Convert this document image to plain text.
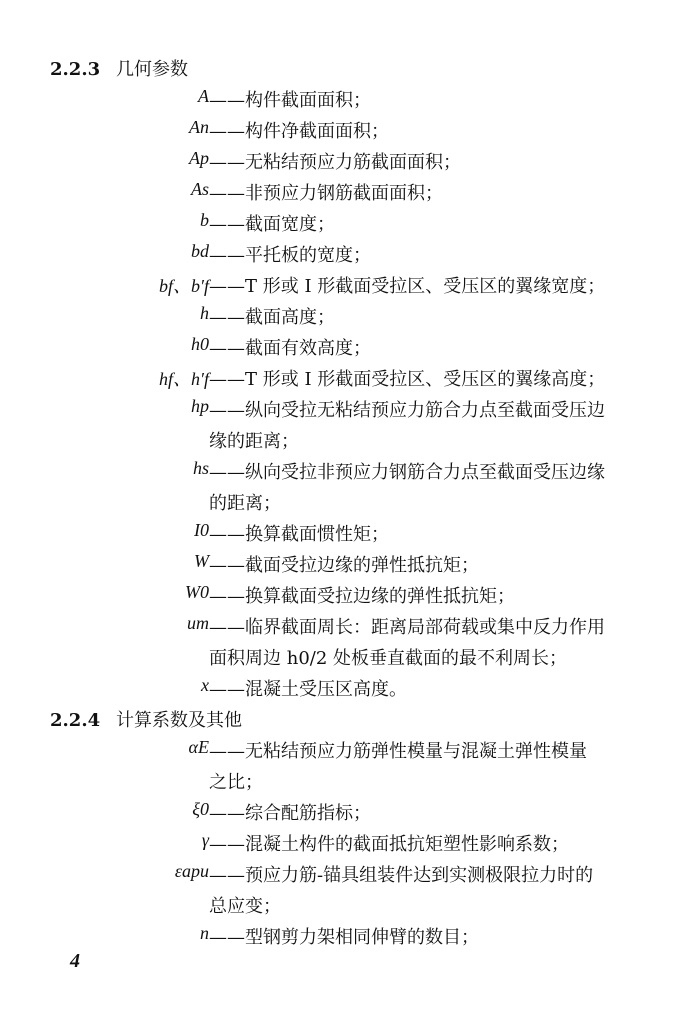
2.2.3 几何参数
A ——构件截面面积；
An ——构件净截面面积；
Ap ——无粘结预应力筋截面面积；
As ——非预应力钢筋截面面积；
b ——截面宽度；
bd ——平托板的宽度；
bf、b′f ——T 形或 I 形截面受拉区、受压区的翼缘宽度；
h ——截面高度；
h0 ——截面有效高度；
hf、h′f ——T 形或 I 形截面受拉区、受压区的翼缘高度；
hp ——纵向受拉无粘结预应力筋合力点至截面受压边
缘的距离；
hs ——纵向受拉非预应力钢筋合力点至截面受压边缘
的距离；
I0 ——换算截面惯性矩；
W ——截面受拉边缘的弹性抵抗矩；
W0 ——换算截面受拉边缘的弹性抵抗矩；
um ——临界截面周长：距离局部荷载或集中反力作用
面积周边 h0/2 处板垂直截面的最不利周长；
x ——混凝土受压区高度。
2.2.4 计算系数及其他
αE ——无粘结预应力筋弹性模量与混凝土弹性模量
之比；
ξ0 ——综合配筋指标；
γ ——混凝土构件的截面抵抗矩塑性影响系数；
εapu ——预应力筋-锚具组装件达到实测极限拉力时的
总应变；
n ——型钢剪力架相同伸臂的数目；
4
